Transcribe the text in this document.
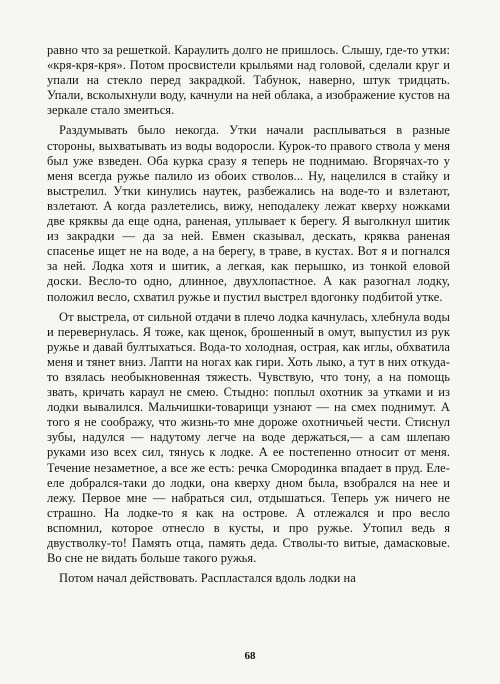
равно что за решеткой. Караулить долго не пришлось. Слышу, где-то утки: «кря-кря-кря». Потом просвистели крыльями над головой, сделали круг и упали на стекло перед закрадкой. Табунок, наверно, штук тридцать. Упали, всколыхнули воду, качнули на ней облака, а изображение кустов на зеркале стало змеиться.

Раздумывать было некогда. Утки начали расплываться в разные стороны, выхватывать из воды водоросли. Курок-то правого ствола у меня был уже взведен. Оба курка сразу я теперь не поднимаю. Вгорячах-то у меня всегда ружье палило из обоих стволов... Ну, нацелился в стайку и выстрелил. Утки кинулись наутек, разбежались на воде-то и взлетают, взлетают. А когда разлетелись, вижу, неподалеку лежат кверху ножками две кряквы да еще одна, раненая, уплывает к берегу. Я выголкнул шитик из закрадки — да за ней. Евмен сказывал, дескать, кряква раненая спасенье ищет не на воде, а на берегу, в траве, в кустах. Вот я и погнался за ней. Лодка хотя и шитик, а легкая, как перышко, из тонкой еловой доски. Весло-то одно, длинное, двухлопастное. А как разогнал лодку, положил весло, схватил ружье и пустил выстрел вдогонку подбитой утке.

От выстрела, от сильной отдачи в плечо лодка качнулась, хлебнула воды и перевернулась. Я тоже, как щенок, брошенный в омут, выпустил из рук ружье и давай бултыхаться. Вода-то холодная, острая, как иглы, обхватила меня и тянет вниз. Лапти на ногах как гири. Хоть лыко, а тут в них откуда-то взялась необыкновенная тяжесть. Чувствую, что тону, а на помощь звать, кричать караул не смею. Стыдно: поплыл охотник за утками и из лодки вывалился. Мальчишки-товарищи узнают — на смех поднимут. А того я не соображу, что жизнь-то мне дороже охотничьей чести. Стиснул зубы, надулся — надутому легче на воде держаться,— а сам шлепаю руками изо всех сил, тянусь к лодке. А ее постепенно относит от меня. Течение незаметное, а все же есть: речка Смородинка впадает в пруд. Еле-еле добрался-таки до лодки, она кверху дном была, взобрался на нее и лежу. Первое мне — набраться сил, отдышаться. Теперь уж ничего не страшно. На лодке-то я как на острове. А отлежался и про весло вспомнил, которое отнесло в кусты, и про ружье. Утопил ведь я двустволку-то! Память отца, память деда. Стволы-то витые, дамасковые. Во сне не видать больше такого ружья.

Потом начал действовать. Распластался вдоль лодки на

68
